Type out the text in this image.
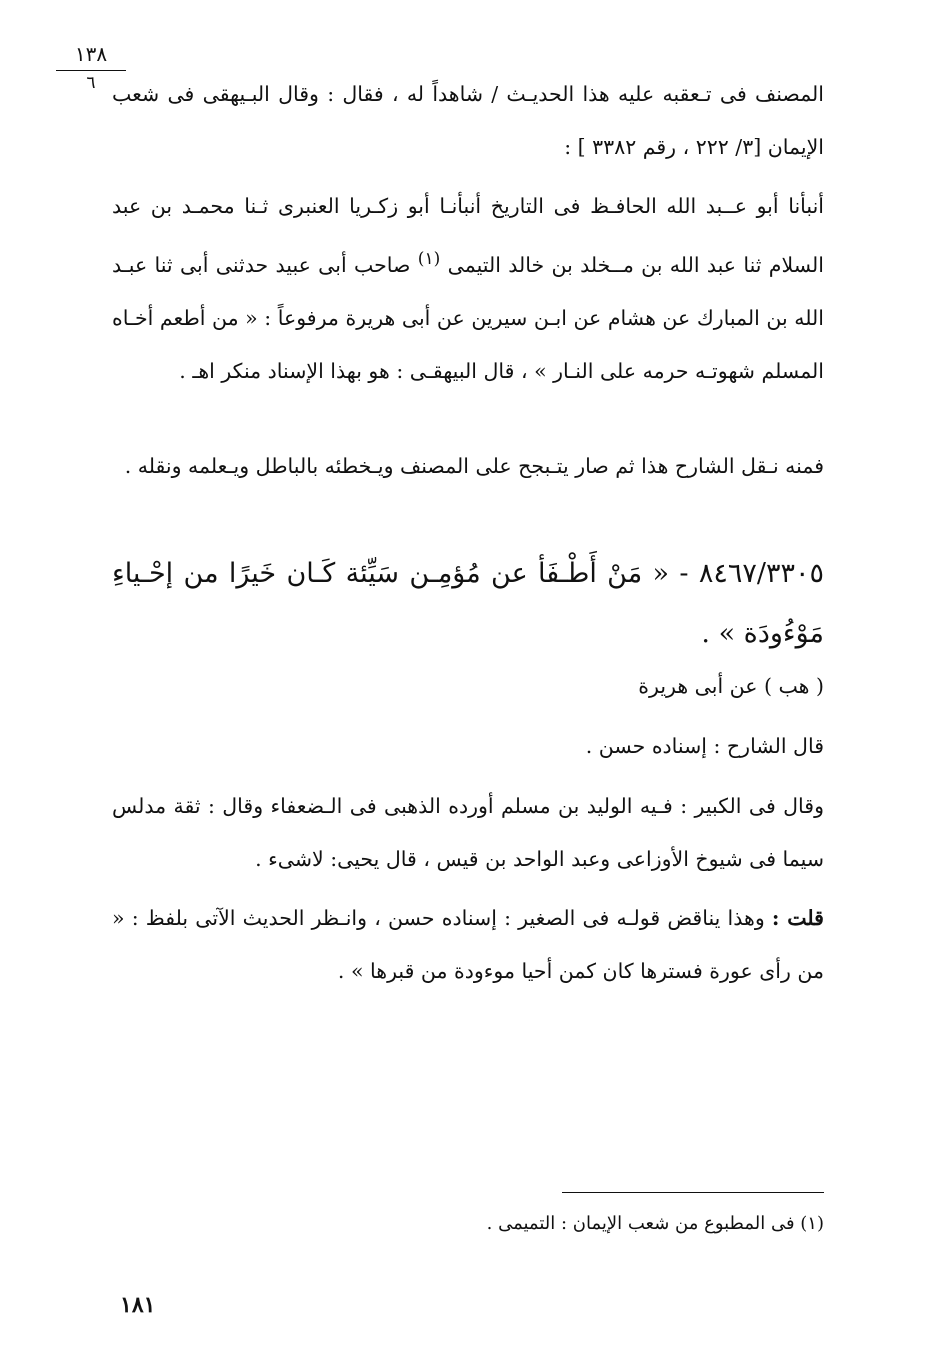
١٣٨
٦ المصنف فى تـعقبه عليه هذا الحديـث / شاهداً له ، فقال : وقال البـيهقى فى شعب الإيمان [٣/ ٢٢٢ ، رقم ٣٣٨٢ ] :

أنبأنا أبو عــبد الله الحافـظ فى التاريخ أنبأنـا أبو زكـريا العنبرى ثـنا محمـد بن عبد السلام ثنا عبد الله بن مــخلد بن خالد التيمى $^{(١)}$ صاحب أبى عبيد حدثنى أبى ثنا عبـد الله بن المبارك عن هشام عن ابـن سيرين عن أبى هريرة مرفوعاً : « من أطعم أخـاه المسلم شهوتـه حرمه على النـار » ، قال البيهقـى : هو بهذا الإسناد منكر اهـ .

فمنه نـقل الشارح هذا ثم صار يتـبجح على المصنف ويـخطئه بالباطل ويـعلمه ونقله .

٨٤٦٧/٣٣٠٥ - « مَنْ أَطْـفَأ عن مُؤمِـن سَيِّئة كَـان خَيرًا من إحْـياءِ مَوْءُودَة » .

( هب ) عن أبى هريرة

قال الشارح : إسناده حسن .

وقال فى الكبير : فـيه الوليد بن مسلم أورده الذهبى فى الـضعفاء وقال : ثقة مدلس سيما فى شيوخ الأوزاعى وعبد الواحد بن قيس ، قال يحيى: لاشىء .

قلت : وهذا يناقض قولـه فى الصغير : إسناده حسن ، وانـظر الحديث الآتى بلفظ : « من رأى عورة فسترها كان كمن أحيا موءودة من قبرها » .

(١) فى المطبوع من شعب الإيمان : التميمى .
١٨١
